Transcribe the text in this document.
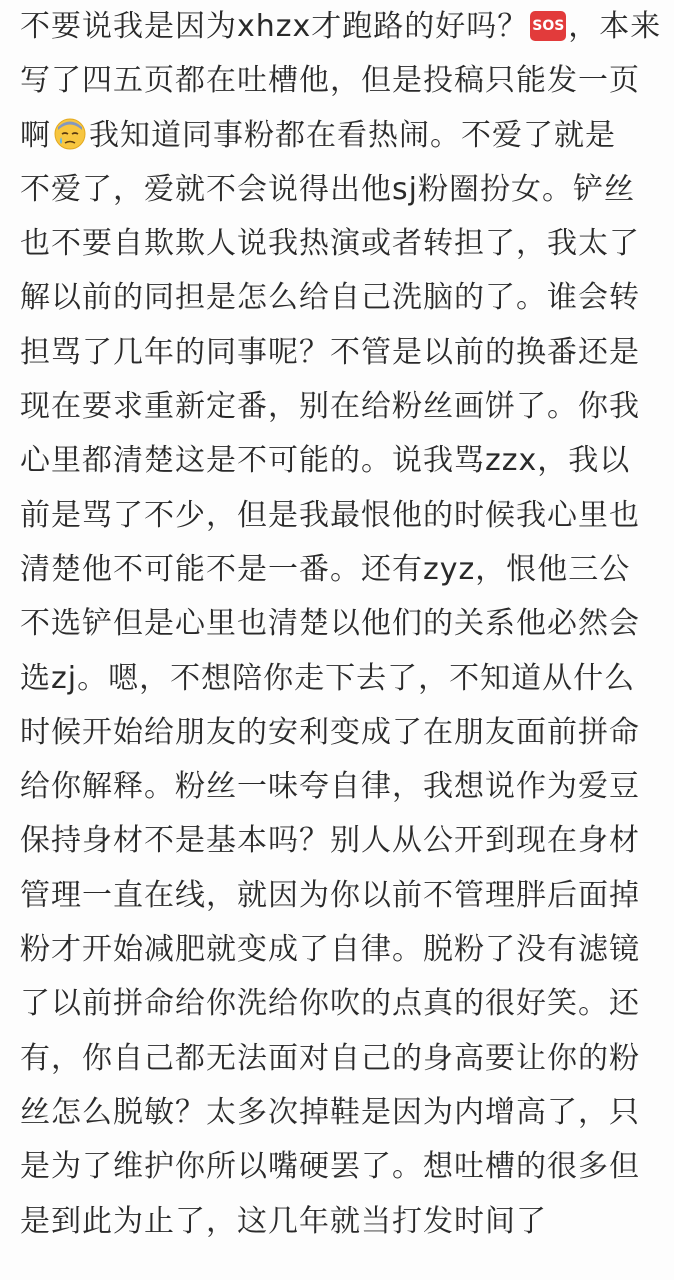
不要说我是因为xhzx才跑路的好吗？ SOS ，本来
写了四五页都在吐槽他，但是投稿只能发一页
啊 我知道同事粉都在看热闹。不爱了就是
不爱了，爱就不会说得出他sj粉圈扮女。铲丝
也不要自欺欺人说我热演或者转担了，我太了
解以前的同担是怎么给自己洗脑的了。谁会转
担骂了几年的同事呢？不管是以前的换番还是
现在要求重新定番，别在给粉丝画饼了。你我
心里都清楚这是不可能的。说我骂zzx，我以
前是骂了不少，但是我最恨他的时候我心里也
清楚他不可能不是一番。还有zyz，恨他三公
不选铲但是心里也清楚以他们的关系他必然会
选zj。嗯，不想陪你走下去了，不知道从什么
时候开始给朋友的安利变成了在朋友面前拼命
给你解释。粉丝一味夸自律，我想说作为爱豆
保持身材不是基本吗？别人从公开到现在身材
管理一直在线，就因为你以前不管理胖后面掉
粉才开始减肥就变成了自律。脱粉了没有滤镜
了以前拼命给你洗给你吹的点真的很好笑。还
有，你自己都无法面对自己的身高要让你的粉
丝怎么脱敏？太多次掉鞋是因为内增高了，只
是为了维护你所以嘴硬罢了。想吐槽的很多但
是到此为止了，这几年就当打发时间了
